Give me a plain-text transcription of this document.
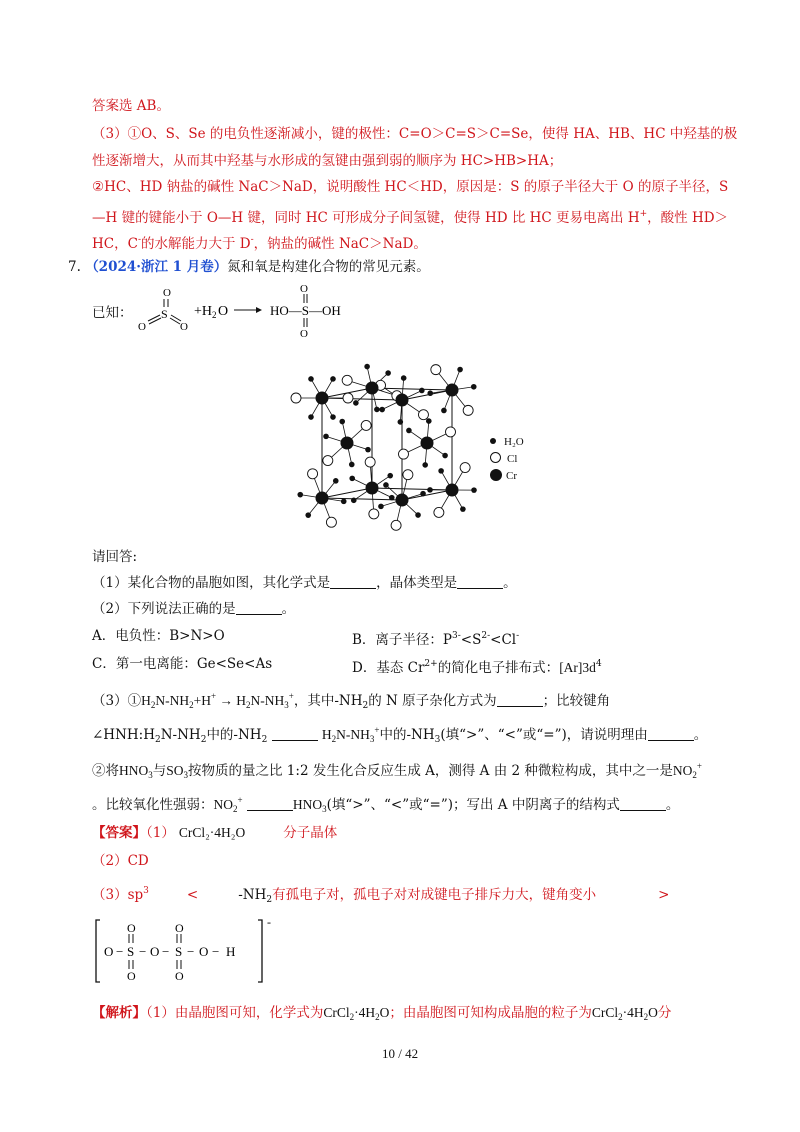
答案选 AB。
（3）①O、S、Se 的电负性逐渐减小，键的极性：C=O＞C=S＞C=Se，使得 HA、HB、HC 中羟基的极
性逐渐增大，从而其中羟基与水形成的氢键由强到弱的顺序为 HC>HB>HA；
②HC、HD 钠盐的碱性 NaC＞NaD，说明酸性 HC＜HD，原因是：S 的原子半径大于 O 的原子半径，S
—H 键的键能小于 O—H 键，同时 HC 可形成分子间氢键，使得 HD 比 HC 更易电离出 H+，酸性 HD＞
HC，C-的水解能力大于 D-，钠盐的碱性 NaC＞NaD。
7. （2024·浙江 1 月卷）氮和氧是构建化合物的常见元素。
已知：
O
S
O	O
+H 2 O
O
HO—S—OH
O
H₂O
Cl
Cr
请回答:
（1）某化合物的晶胞如图，其化学式是	，晶体类型是	。
（2）下列说法正确的是	。
A．电负性：B>N>O	B．离子半径：$P^{3-}<S^{2-}<Cl^-$
C．第一电离能：Ge<Se<As	D．基态 $Cr^{2+}$的简化电子排布式：$[Ar]3d^4$
$(3)①H_2N-NH_2+H^+ \to H_2N-NH_3^+$，其中$-NH_2$的 N 原子杂化方式为	；比较键角
$\angle HNH:H_2N-NH_2$中的$-NH_2$	$H_2N-NH_3^+$中的$-NH_3$(填“>”、“<”或“=”)，请说明理由	。
②将$HNO_3$与$SO_3$按物质的量之比 1:2 发生化合反应生成 A，测得 A 由 2 种微粒构成，其中之一是$NO_2^+$
。比较氧化性强弱：$NO_2^+$	$HNO_3$(填“>”、“<”或“=”)；写出 A 中阴离子的结构式	。
【答案】（1） CrCl₂·4H₂O	分子晶体
（2）CD
$(3)sp^3$	<	$-NH_2$有孤电子对，孤电子对对成键电子排斥力大，键角变小	>
-
O − S − O − S − O − H
O
O
O
O
【解析】（1）由晶胞图可知，化学式为$CrCl_2\cdot 4H_2O$；由晶胞图可知构成晶胞的粒子为$CrCl_2\cdot 4H_2O$分
10 / 42
